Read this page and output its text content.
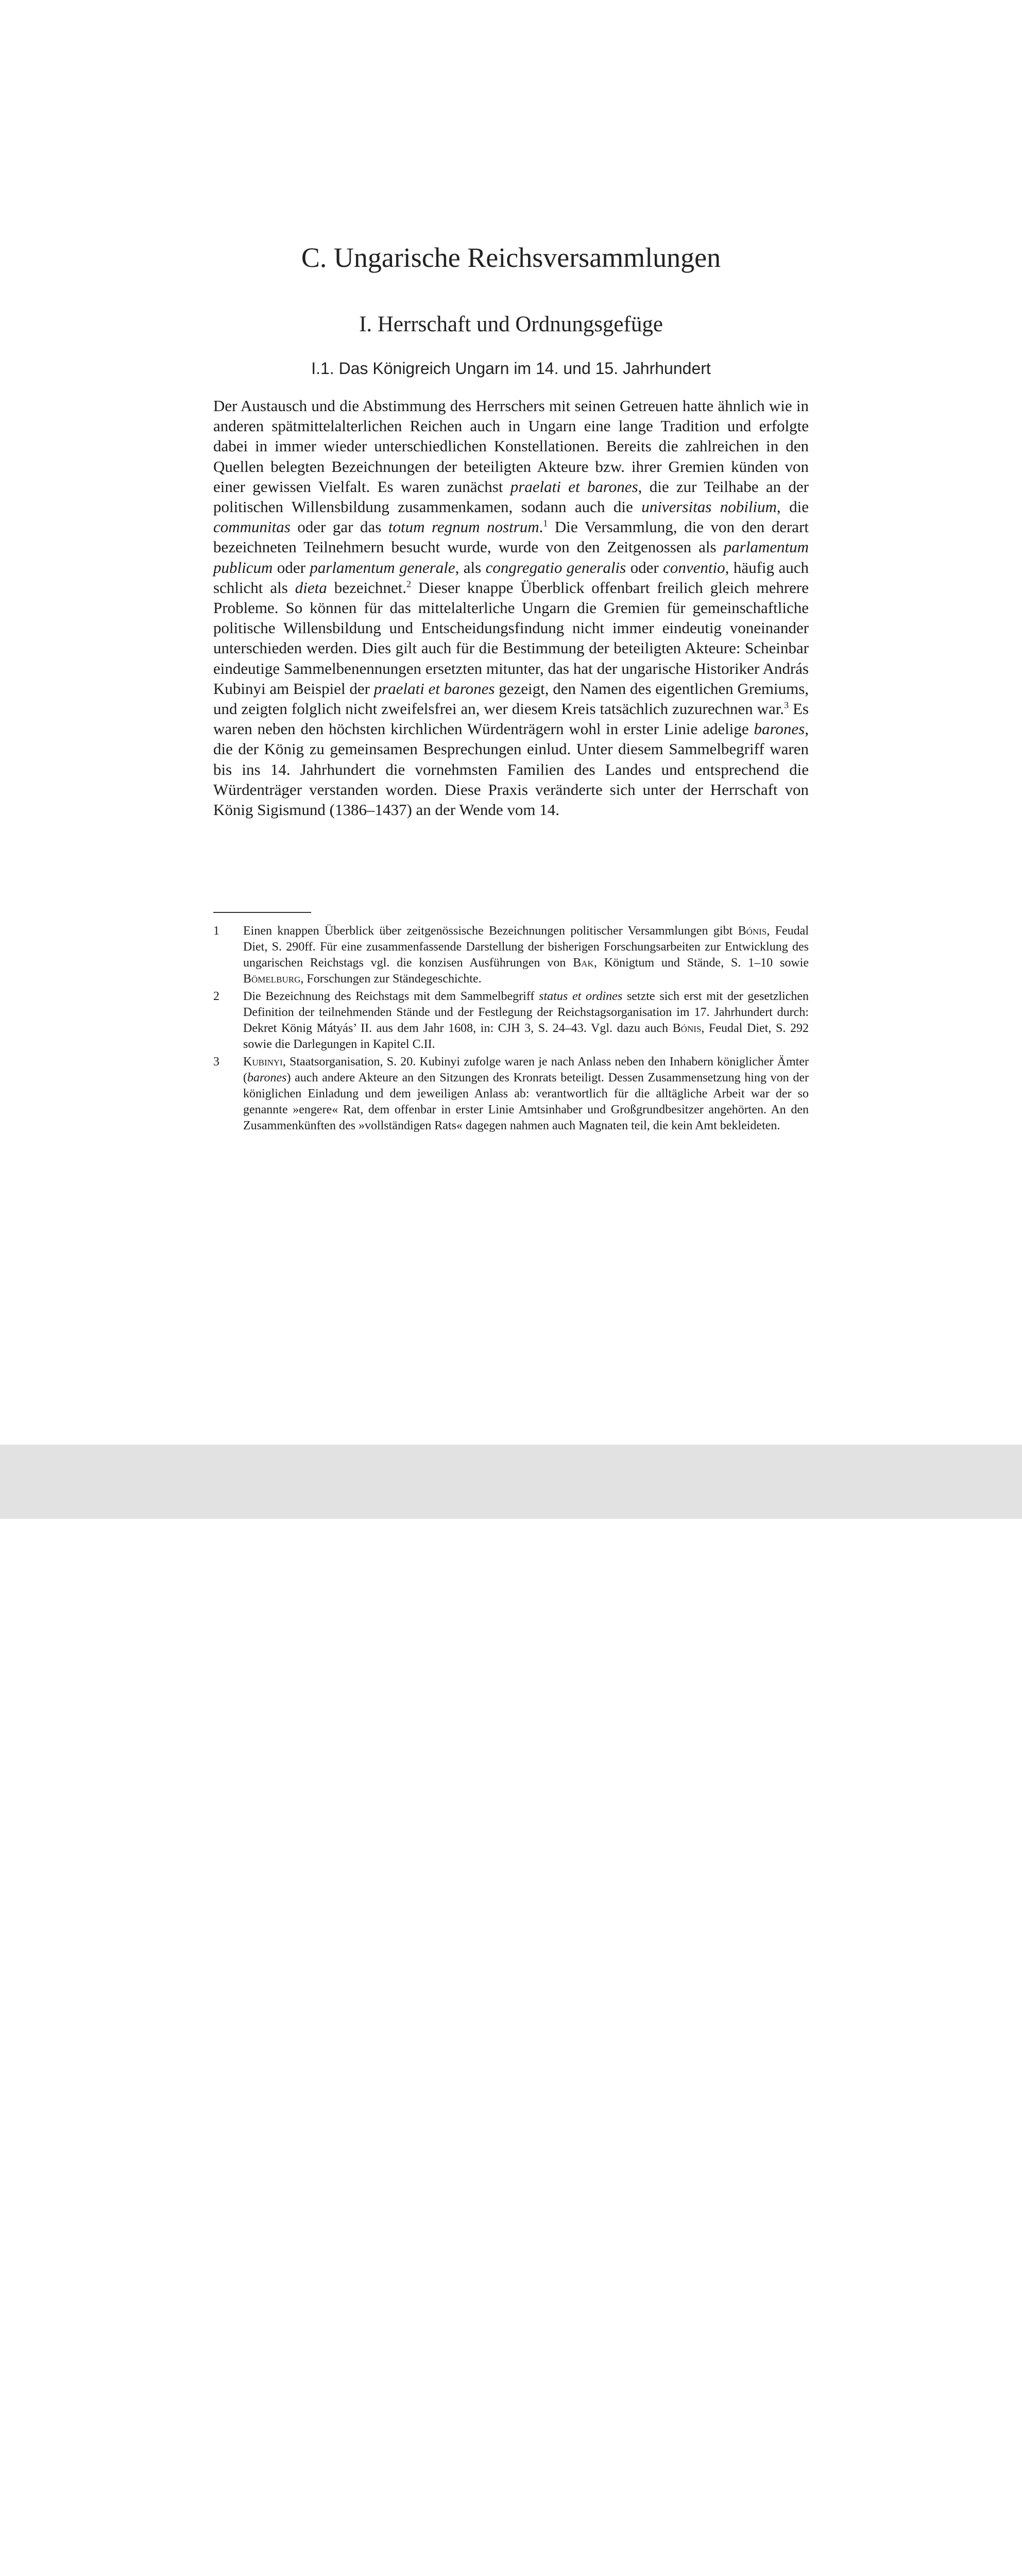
C. Ungarische Reichsversammlungen
I. Herrschaft und Ordnungsgefüge
I.1. Das Königreich Ungarn im 14. und 15. Jahrhundert

Der Austausch und die Abstimmung des Herrschers mit seinen Getreuen hatte ähnlich wie in anderen spätmittelalterlichen Reichen auch in Ungarn eine lange Tradition und erfolgte dabei in immer wieder unterschiedlichen Konstellationen. Bereits die zahlreichen in den Quellen belegten Bezeichnungen der beteiligten Akteure bzw. ihrer Gremien künden von einer gewissen Vielfalt. Es waren zunächst praelati et barones, die zur Teilhabe an der politischen Willensbildung zusammenkamen, sodann auch die universitas nobilium, die communitas oder gar das totum regnum nostrum.$^1$ Die Versammlung, die von den derart bezeichneten Teilnehmern besucht wurde, wurde von den Zeitgenossen als parlamentum publicum oder parlamentum generale, als congregatio generalis oder conventio, häufig auch schlicht als dieta bezeichnet.$^2$ Dieser knappe Überblick offenbart freilich gleich mehrere Probleme. So können für das mittelalterliche Ungarn die Gremien für gemeinschaftliche politische Willensbildung und Entscheidungsfindung nicht immer eindeutig voneinander unterschieden werden. Dies gilt auch für die Bestimmung der beteiligten Akteure: Scheinbar eindeutige Sammelbenennungen ersetzten mitunter, das hat der ungarische Historiker András Kubinyi am Beispiel der praelati et barones gezeigt, den Namen des eigentlichen Gremiums, und zeigten folglich nicht zweifelsfrei an, wer diesem Kreis tatsächlich zuzurechnen war.$^3$ Es waren neben den höchsten kirchlichen Würdenträgern wohl in erster Linie adelige barones, die der König zu gemeinsamen Besprechungen einlud. Unter diesem Sammelbegriff waren bis ins 14. Jahrhundert die vornehmsten Familien des Landes und entsprechend die Würdenträger verstanden worden. Diese Praxis veränderte sich unter der Herrschaft von König Sigismund (1386–1437) an der Wende vom 14.

1 Einen knappen Überblick über zeitgenössische Bezeichnungen politischer Versammlungen gibt Bónis, Feudal Diet, S. 290ff. Für eine zusammenfassende Darstellung der bisherigen Forschungsarbeiten zur Entwicklung des ungarischen Reichstags vgl. die konzisen Ausführungen von Bak, Königtum und Stände, S. 1–10 sowie Bömelburg, Forschungen zur Ständegeschichte.
2 Die Bezeichnung des Reichstags mit dem Sammelbegriff status et ordines setzte sich erst mit der gesetzlichen Definition der teilnehmenden Stände und der Festlegung der Reichstagsorganisation im 17. Jahrhundert durch: Dekret König Mátyás’ II. aus dem Jahr 1608, in: CJH 3, S. 24–43. Vgl. dazu auch Bónis, Feudal Diet, S. 292 sowie die Darlegungen in Kapitel C.II.
3 Kubinyi, Staatsorganisation, S. 20. Kubinyi zufolge waren je nach Anlass neben den Inhabern königlicher Ämter (barones) auch andere Akteure an den Sitzungen des Kronrats beteiligt. Dessen Zusammensetzung hing von der königlichen Einladung und dem jeweiligen Anlass ab: verantwortlich für die alltägliche Arbeit war der so genannte »engere« Rat, dem offenbar in erster Linie Amtsinhaber und Großgrundbesitzer angehörten. An den Zusammenkünften des »vollständigen Rats« dagegen nahmen auch Magnaten teil, die kein Amt bekleideten.
